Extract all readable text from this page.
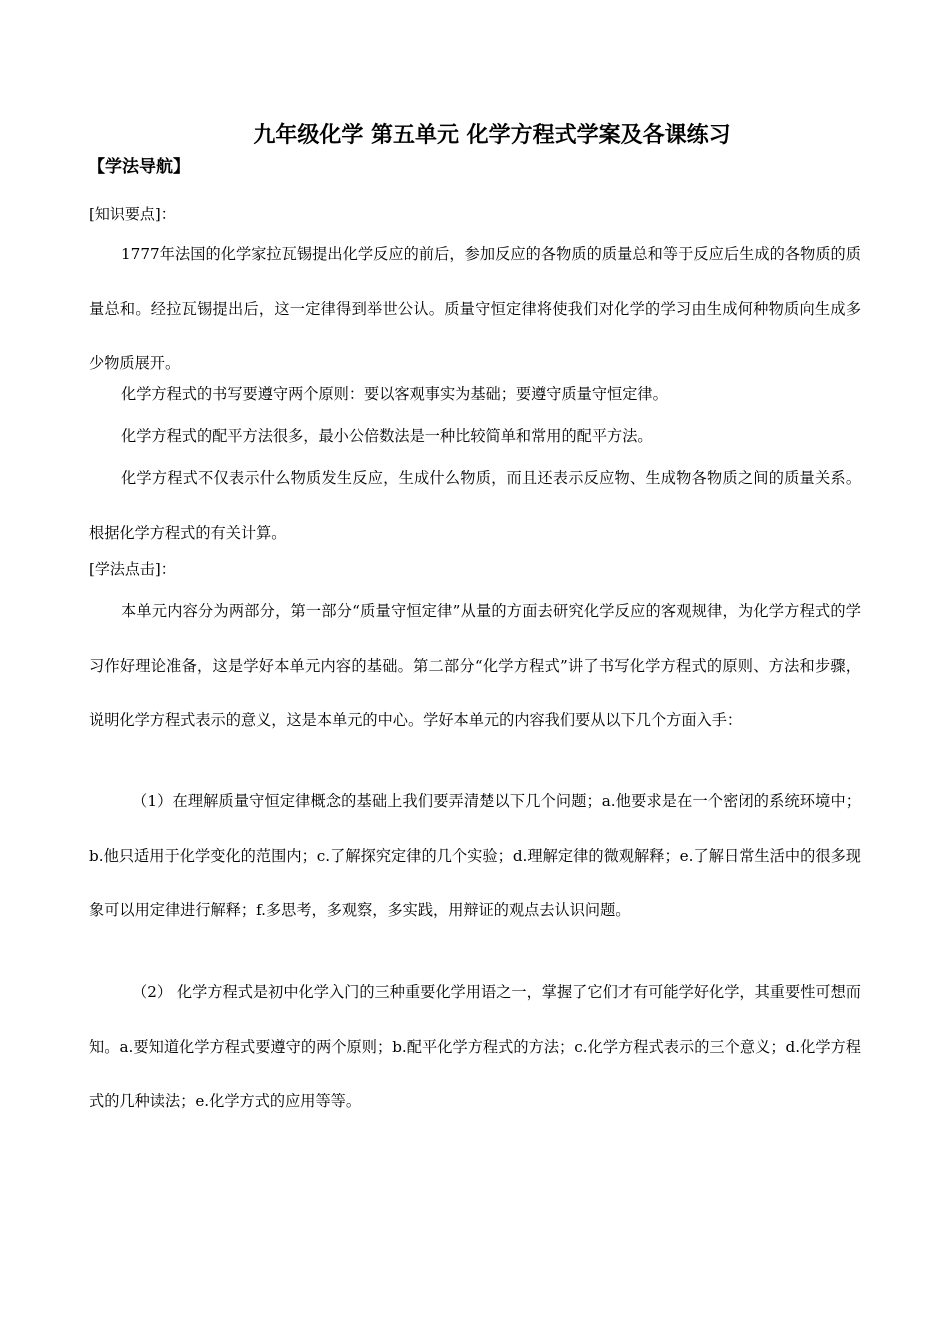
九年级化学 第五单元 化学方程式学案及各课练习
【学法导航】

[知识要点]：

1777年法国的化学家拉瓦锡提出化学反应的前后，参加反应的各物质的质量总和等于反应后生成的各物质的质量总和。经拉瓦锡提出后，这一定律得到举世公认。质量守恒定律将使我们对化学的学习由生成何种物质向生成多少物质展开。

化学方程式的书写要遵守两个原则：要以客观事实为基础；要遵守质量守恒定律。

化学方程式的配平方法很多，最小公倍数法是一种比较简单和常用的配平方法。

化学方程式不仅表示什么物质发生反应，生成什么物质，而且还表示反应物、生成物各物质之间的质量关系。根据化学方程式的有关计算。

[学法点击]：

本单元内容分为两部分，第一部分“质量守恒定律”从量的方面去研究化学反应的客观规律，为化学方程式的学习作好理论准备，这是学好本单元内容的基础。第二部分“化学方程式”讲了书写化学方程式的原则、方法和步骤，说明化学方程式表示的意义，这是本单元的中心。学好本单元的内容我们要从以下几个方面入手：

（1）在理解质量守恒定律概念的基础上我们要弄清楚以下几个问题；a.他要求是在一个密闭的系统环境中；b.他只适用于化学变化的范围内；c.了解探究定律的几个实验；d.理解定律的微观解释；e.了解日常生活中的很多现象可以用定律进行解释；f.多思考，多观察，多实践，用辩证的观点去认识问题。

（2） 化学方程式是初中化学入门的三种重要化学用语之一，掌握了它们才有可能学好化学，其重要性可想而知。a.要知道化学方程式要遵守的两个原则；b.配平化学方程式的方法；c.化学方程式表示的三个意义；d.化学方程式的几种读法；e.化学方式的应用等等。
